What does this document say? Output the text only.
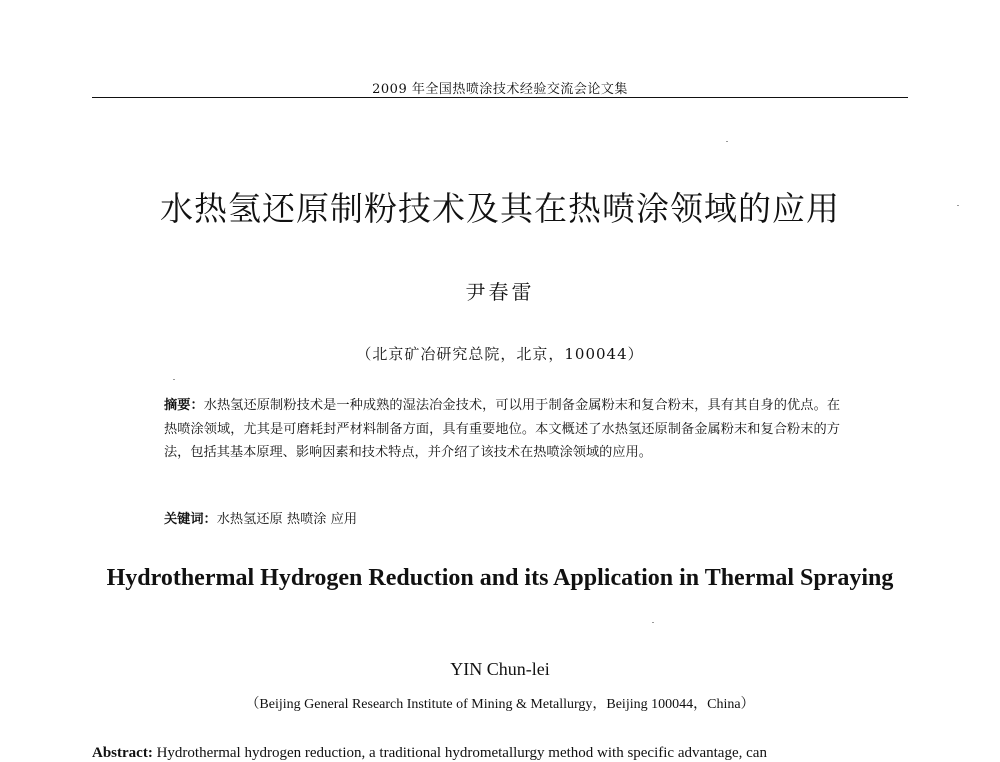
2009 年全国热喷涂技术经验交流会论文集
水热氢还原制粉技术及其在热喷涂领域的应用
尹春雷
（北京矿冶研究总院，北京，100044）
摘要：水热氢还原制粉技术是一种成熟的湿法冶金技术，可以用于制备金属粉末和复合粉末，具有其自身的优点。在热喷涂领域，尤其是可磨耗封严材料制备方面，具有重要地位。本文概述了水热氢还原制备金属粉末和复合粉末的方法，包括其基本原理、影响因素和技术特点，并介绍了该技术在热喷涂领域的应用。
关键词：水热氢还原 热喷涂 应用
Hydrothermal Hydrogen Reduction and its Application in Thermal Spraying
YIN Chun-lei
（Beijing General Research Institute of Mining & Metallurgy，Beijing 100044，China）
Abstract: Hydrothermal hydrogen reduction, a traditional hydrometallurgy method with specific advantage, can
